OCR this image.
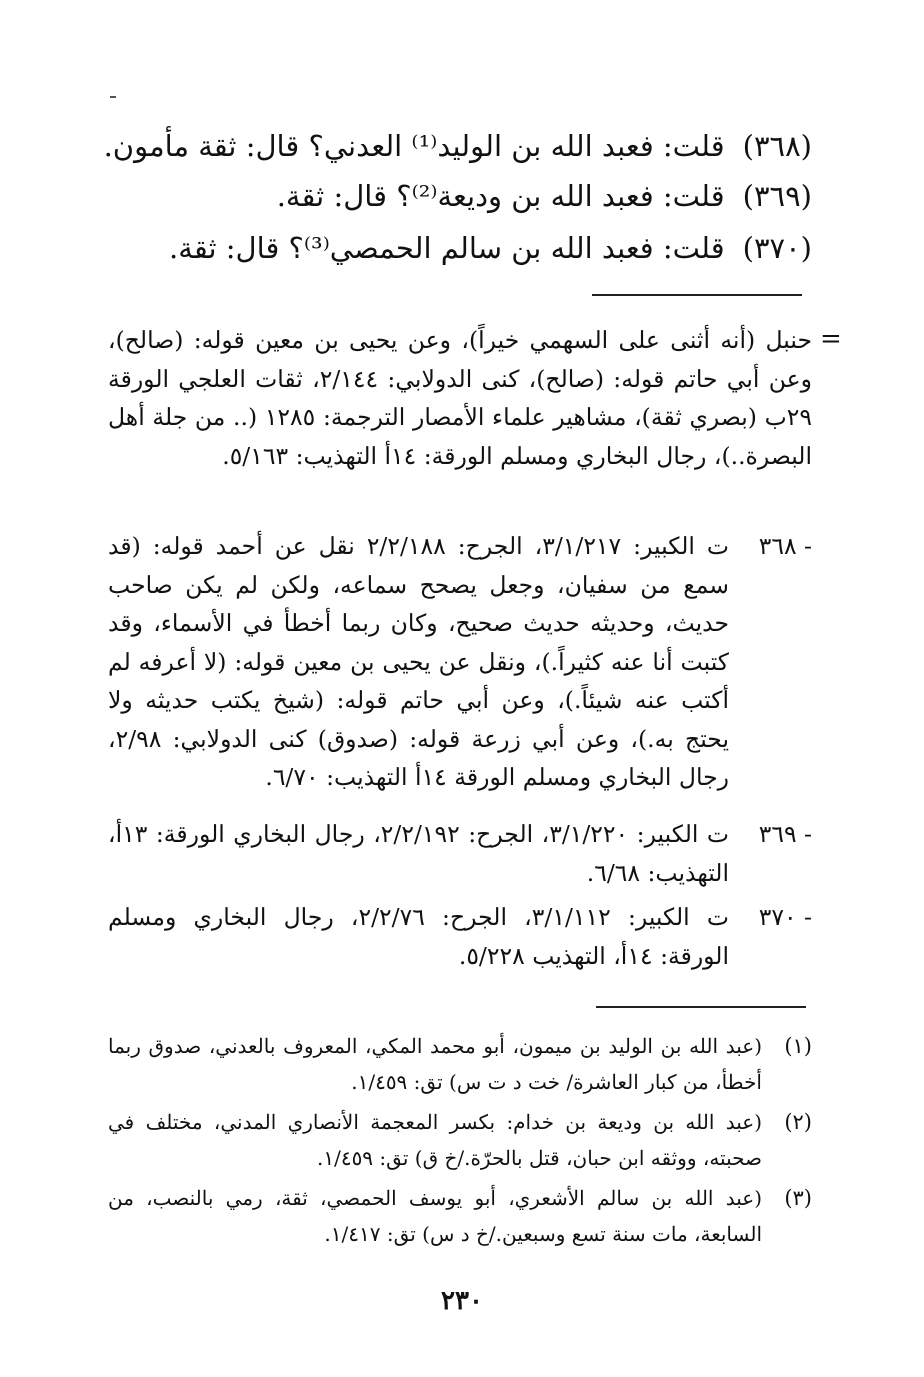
(٣٦٨)قلت: فعبد الله بن الوليد⁽¹⁾ العدني؟ قال: ثقة مأمون.
(٣٦٩)قلت: فعبد الله بن وديعة⁽²⁾؟ قال: ثقة.
(٣٧٠)قلت: فعبد الله بن سالم الحمصي⁽³⁾؟ قال: ثقة.
=
حنبل (أنه أثنى على السهمي خيراً)، وعن يحيى بن معين قوله: (صالح)، وعن أبي حاتم قوله: (صالح)، كنى الدولابي: ٢/١٤٤، ثقات العلجي الورقة ٢٩ب (بصري ثقة)، مشاهير علماء الأمصار الترجمة: ١٢٨٥ (.. من جلة أهل البصرة..)، رجال البخاري ومسلم الورقة: ١٤أ التهذيب: ٥/١٦٣.
٣٦٨ -
ت الكبير: ٣/١/٢١٧، الجرح: ٢/٢/١٨٨ نقل عن أحمد قوله: (قد سمع من سفيان، وجعل يصحح سماعه، ولكن لم يكن صاحب حديث، وحديثه حديث صحيح، وكان ربما أخطأ في الأسماء، وقد كتبت أنا عنه كثيراً.)، ونقل عن يحيى بن معين قوله: (لا أعرفه لم أكتب عنه شيئاً.)، وعن أبي حاتم قوله: (شيخ يكتب حديثه ولا يحتج به.)، وعن أبي زرعة قوله: (صدوق) كنى الدولابي: ٢/٩٨، رجال البخاري ومسلم الورقة ١٤أ التهذيب: ٦/٧٠.
٣٦٩ -
ت الكبير: ٣/١/٢٢٠، الجرح: ٢/٢/١٩٢، رجال البخاري الورقة: ١٣أ، التهذيب: ٦/٦٨.
٣٧٠ -
ت الكبير: ٣/١/١١٢، الجرح: ٢/٢/٧٦، رجال البخاري ومسلم الورقة: ١٤أ، التهذيب ٥/٢٢٨.
(١)
(عبد الله بن الوليد بن ميمون، أبو محمد المكي، المعروف بالعدني، صدوق ربما أخطأ، من كبار العاشرة/ خت د ت س) تق: ١/٤٥٩.
(٢)
(عبد الله بن وديعة بن خدام: بكسر المعجمة الأنصاري المدني، مختلف في صحبته، ووثقه ابن حبان، قتل بالحرّة./خ ق) تق: ١/٤٥٩.
(٣)
(عبد الله بن سالم الأشعري، أبو يوسف الحمصي، ثقة، رمي بالنصب، من السابعة، مات سنة تسع وسبعين./خ د س) تق: ١/٤١٧.
٢٣٠
